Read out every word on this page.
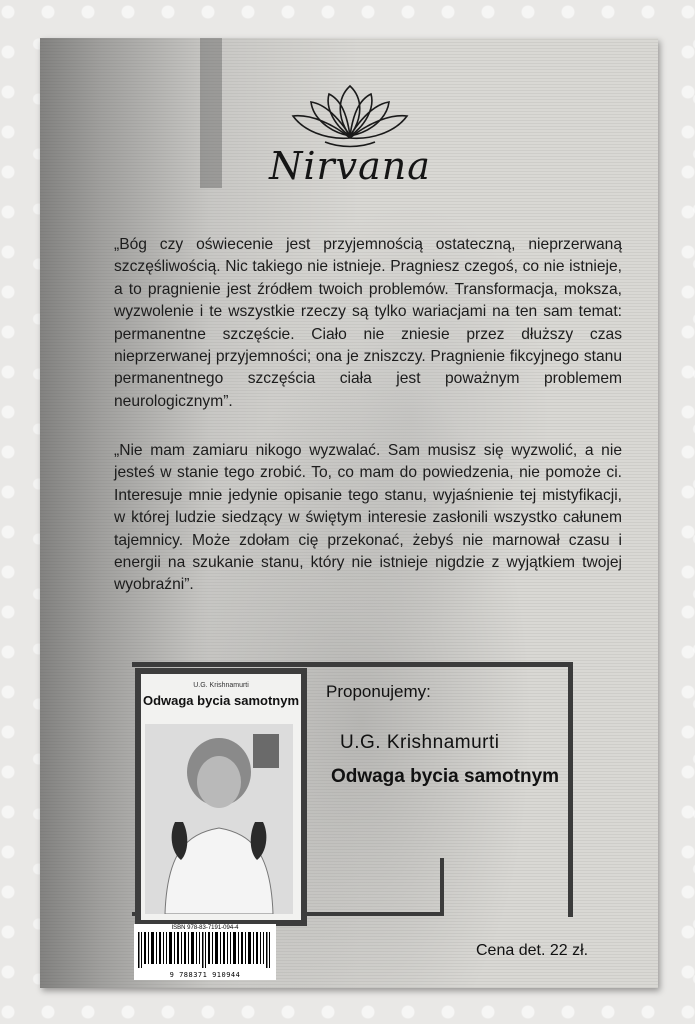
Nirvana

„Bóg czy oświecenie jest przyjemnością ostateczną, nieprzerwaną szczęśliwością. Nic takiego nie istnieje. Pragniesz czegoś, co nie istnieje, a to pragnienie jest źródłem twoich problemów. Transformacja, moksza, wyzwolenie i te wszystkie rzeczy są tylko wariacjami na ten sam temat: permanentne szczęście. Ciało nie zniesie przez dłuższy czas nieprzerwanej przyjemności; ona je zniszczy. Pragnienie fikcyjnego stanu permanentnego szczęścia ciała jest poważnym problemem neurologicznym”.

„Nie mam zamiaru nikogo wyzwalać. Sam musisz się wyzwolić, a nie jesteś w stanie tego zrobić. To, co mam do powiedzenia, nie pomoże ci. Interesuje mnie jedynie opisanie tego stanu, wyjaśnienie tej mistyfikacji, w której ludzie siedzący w świętym interesie zasłonili wszystko całunem tajemnicy. Może zdołam cię przekonać, żebyś nie marnował czasu i energii na szukanie stanu, który nie istnieje nigdzie z wyjątkiem twojej wyobraźni”.

U.G. Krishnamurti
Odwaga bycia samotnym Proponujemy:
U.G. Krishnamurti
Odwaga bycia samotnym
ISBN 978-83-7191-094-4
9 788371 910944
Cena det. 22 zł.
